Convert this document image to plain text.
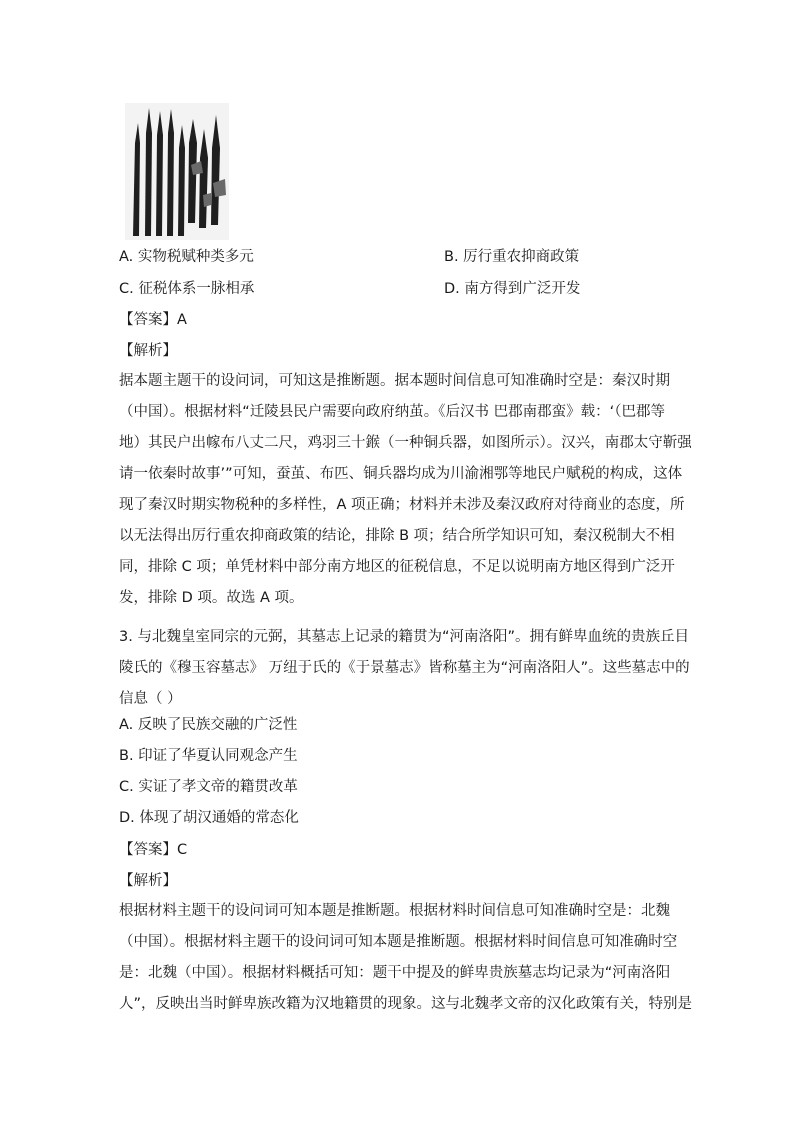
A. 实物税赋种类多元	B. 厉行重农抑商政策
C. 征税体系一脉相承	D. 南方得到广泛开发
【答案】A
【解析】

据本题主题干的设问词，可知这是推断题。据本题时间信息可知准确时空是：秦汉时期

（中国）。根据材料“迁陵县民户需要向政府纳茧。《后汉书 巴郡南郡蛮》载：‘（巴郡等

地）其民户出幏布八丈二尺，鸡羽三十鍭（一种铜兵器，如图所示）。汉兴，南郡太守靳强

请一依秦时故事’”可知，蚕茧、布匹、铜兵器均成为川渝湘鄂等地民户赋税的构成，这体

现了秦汉时期实物税种的多样性，A 项正确；材料并未涉及秦汉政府对待商业的态度，所

以无法得出厉行重农抑商政策的结论，排除 B 项；结合所学知识可知，秦汉税制大不相

同，排除 C 项；单凭材料中部分南方地区的征税信息，不足以说明南方地区得到广泛开

发，排除 D 项。故选 A 项。

3. 与北魏皇室同宗的元弼，其墓志上记录的籍贯为“河南洛阳”。拥有鲜卑血统的贵族丘目

陵氏的《穆玉容墓志》 万纽于氏的《于景墓志》皆称墓主为“河南洛阳人”。这些墓志中的

信息（ ）

A. 反映了民族交融的广泛性
B. 印证了华夏认同观念产生
C. 实证了孝文帝的籍贯改革
D. 体现了胡汉通婚的常态化
【答案】C
【解析】

根据材料主题干的设问词可知本题是推断题。根据材料时间信息可知准确时空是：北魏

（中国）。根据材料主题干的设问词可知本题是推断题。根据材料时间信息可知准确时空

是：北魏（中国）。根据材料概括可知：题干中提及的鲜卑贵族墓志均记录为“河南洛阳

人”，反映出当时鲜卑族改籍为汉地籍贯的现象。这与北魏孝文帝的汉化政策有关，特别是
